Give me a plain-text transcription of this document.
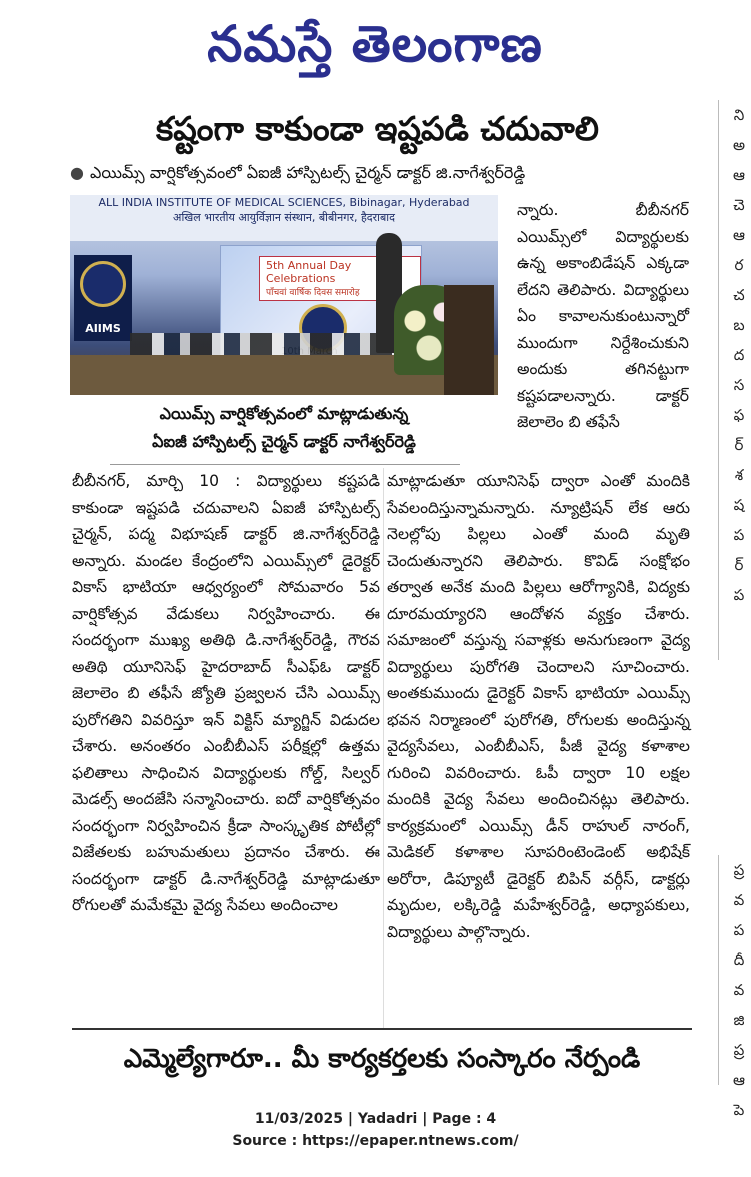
నమస్తే తెలంగాణ
కష్టంగా కాకుండా ఇష్టపడి చదువాలి
● ఎయిమ్స్ వార్షికోత్సవంలో ఏఐజీ హాస్పిటల్స్ చైర్మన్ డాక్టర్ జి.నాగేశ్వర్‌రెడ్డి
ALL INDIA INSTITUTE OF MEDICAL SCIENCES, Bibinagar, Hyderabad
अखिल भारतीय आयुर्विज्ञान संस्थान, बीबीनगर, हैदराबाद
5th Annual Day Celebrations
पाँचवां वार्षिक दिवस समारोह
AIIMS
ఎయిమ్స్ వార్షికోత్సవంలో మాట్లాడుతున్న
ఏఐజీ హాస్పిటల్స్ చైర్మన్ డాక్టర్ నాగేశ్వర్‌రెడ్డి

న్నారు. బీబీనగర్ ఎయిమ్స్‌లో విద్యార్థులకు ఉన్న అకాంబిడేషన్ ఎక్కడా లేదని తెలిపారు. విద్యార్థులు ఏం కావాలనుకుంటున్నారో ముందుగా నిర్దేశించుకుని అందుకు తగినట్టుగా కష్టపడాలన్నారు. డాక్టర్ జెలాలెం బి తఫేసే

బీబీనగర్, మార్చి 10 : విద్యార్థులు కష్టపడి కాకుండా ఇష్టపడి చదువాలని ఏఐజీ హాస్పిటల్స్ చైర్మన్, పద్మ విభూషణ్ డాక్టర్ జి.నాగేశ్వర్‌రెడ్డి అన్నారు. మండల కేంద్రంలోని ఎయిమ్స్‌లో డైరెక్టర్ వికాస్ భాటియా ఆధ్వర్యంలో సోమవారం 5వ వార్షికోత్సవ వేడుకలు నిర్వహించారు. ఈ సందర్భంగా ముఖ్య అతిథి డి.నాగేశ్వర్‌రెడ్డి, గౌరవ అతిథి యూనిసెఫ్ హైదరాబాద్ సీఎఫ్ఓ డాక్టర్ జెలాలెం బి తఫీసే జ్యోతి ప్రజ్వలన చేసి ఎయిమ్స్ పురోగతిని వివరిస్తూ ఇన్ విక్టిస్ మ్యాగ్జిన్ విడుదల చేశారు. అనంతరం ఎంబీబీఎస్ పరీక్షల్లో ఉత్తమ ఫలితాలు సాధించిన విద్యార్థులకు గోల్డ్, సిల్వర్ మెడల్స్ అందజేసి సన్మానించారు. ఐదో వార్షికోత్సవం సందర్భంగా నిర్వహించిన క్రీడా సాంస్కృతిక పోటీల్లో విజేతలకు బహుమతులు ప్రదానం చేశారు. ఈ సందర్భంగా డాక్టర్ డి.నాగేశ్వర్‌రెడ్డి మాట్లాడుతూ రోగులతో మమేకమై వైద్య సేవలు అందించాల

మాట్లాడుతూ యూనిసెఫ్ ద్వారా ఎంతో మందికి సేవలందిస్తున్నామన్నారు. న్యూట్రిషన్ లేక ఆరు నెలల్లోపు పిల్లలు ఎంతో మంది మృతి చెందుతున్నారని తెలిపారు. కొవిడ్ సంక్షోభం తర్వాత అనేక మంది పిల్లలు ఆరోగ్యానికి, విద్యకు దూరమయ్యారని ఆందోళన వ్యక్తం చేశారు. సమాజంలో వస్తున్న సవాళ్లకు అనుగుణంగా వైద్య విద్యార్థులు పురోగతి చెందాలని సూచించారు. అంతకుముందు డైరెక్టర్ వికాస్ భాటియా ఎయిమ్స్ భవన నిర్మాణంలో పురోగతి, రోగులకు అందిస్తున్న వైద్యసేవలు, ఎంబీబీఎస్, పీజీ వైద్య కళాశాల గురించి వివరించారు. ఓపీ ద్వారా 10 లక్షల మందికి వైద్య సేవలు అందించినట్లు తెలిపారు. కార్యక్రమంలో ఎయిమ్స్ డీన్ రాహుల్ నారంగ్, మెడికల్ కళాశాల సూపరింటెండెంట్ అభిషేక్ అరోరా, డిప్యూటీ డైరెక్టర్ బిపిన్ వర్గీస్, డాక్టర్లు మృదుల, లక్కిరెడ్డి మహేశ్వర్‌రెడ్డి, అధ్యాపకులు, విద్యార్థులు పాల్గొన్నారు.

ఎమ్మెల్యేగారూ.. మీ కార్యకర్తలకు సంస్కారం నేర్పండి
ని
అ
ఆ
చె
ఆ
ర
చ
బ
ద
స
ఫ
ర్
శ
ష
ప
ర్
ప
ప్ర
వ
ప
దీ
వ
జి
ప్ర
ఆ
పె
11/03/2025 | Yadadri | Page : 4
Source : https://epaper.ntnews.com/
